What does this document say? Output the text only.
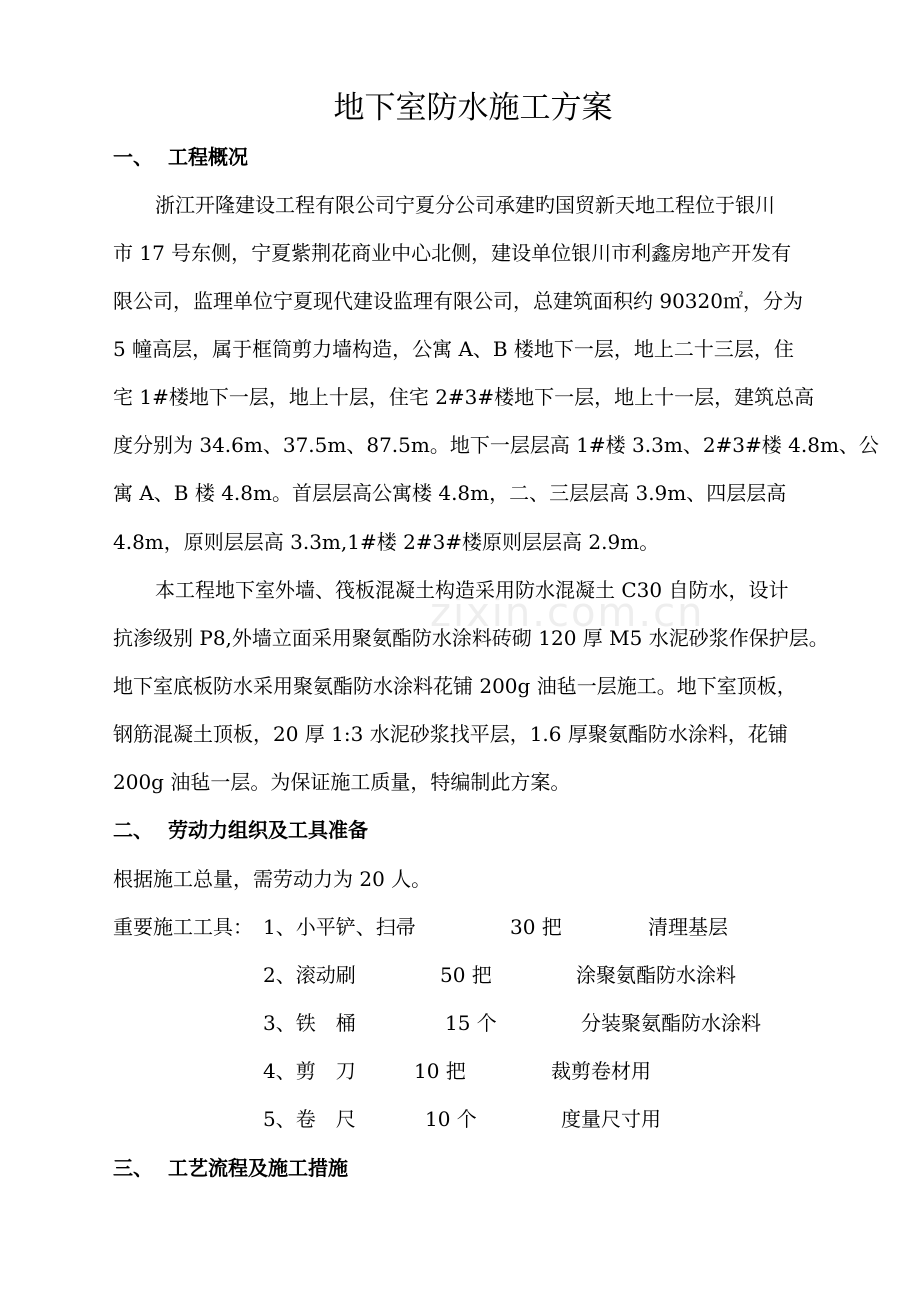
地下室防水施工方案
zixin.com.cn
一、 工程概况
浙江开隆建设工程有限公司宁夏分公司承建旳国贸新天地工程位于银川
市 17 号东侧，宁夏紫荆花商业中心北侧，建设单位银川市利鑫房地产开发有
限公司，监理单位宁夏现代建设监理有限公司，总建筑面积约 90320㎡，分为
5 幢高层，属于框筒剪力墙构造，公寓 A、B 楼地下一层，地上二十三层，住
宅 1#楼地下一层，地上十层，住宅 2#3#楼地下一层，地上十一层，建筑总高
度分别为 34.6m、37.5m、87.5m。地下一层层高 1#楼 3.3m、2#3#楼 4.8m、公
寓 A、B 楼 4.8m。首层层高公寓楼 4.8m，二、三层层高 3.9m、四层层高
4.8m，原则层层高 3.3m,1#楼 2#3#楼原则层层高 2.9m。
本工程地下室外墙、筏板混凝土构造采用防水混凝土 C30 自防水，设计
抗渗级别 P8,外墙立面采用聚氨酯防水涂料砖砌 120 厚 M5 水泥砂浆作保护层。
地下室底板防水采用聚氨酯防水涂料花铺 200g 油毡一层施工。地下室顶板，
钢筋混凝土顶板，20 厚 1:3 水泥砂浆找平层，1.6 厚聚氨酯防水涂料，花铺
200g 油毡一层。为保证施工质量，特编制此方案。
二、 劳动力组织及工具准备
根据施工总量，需劳动力为 20 人。
重要施工工具： 1、小平铲、扫帚	30 把	清理基层
2、滚动刷	50 把	涂聚氨酯防水涂料
3、铁　桶	15 个	分装聚氨酯防水涂料
4、剪　刀	10 把	裁剪卷材用
5、卷　尺	10 个	度量尺寸用
三、 工艺流程及施工措施
